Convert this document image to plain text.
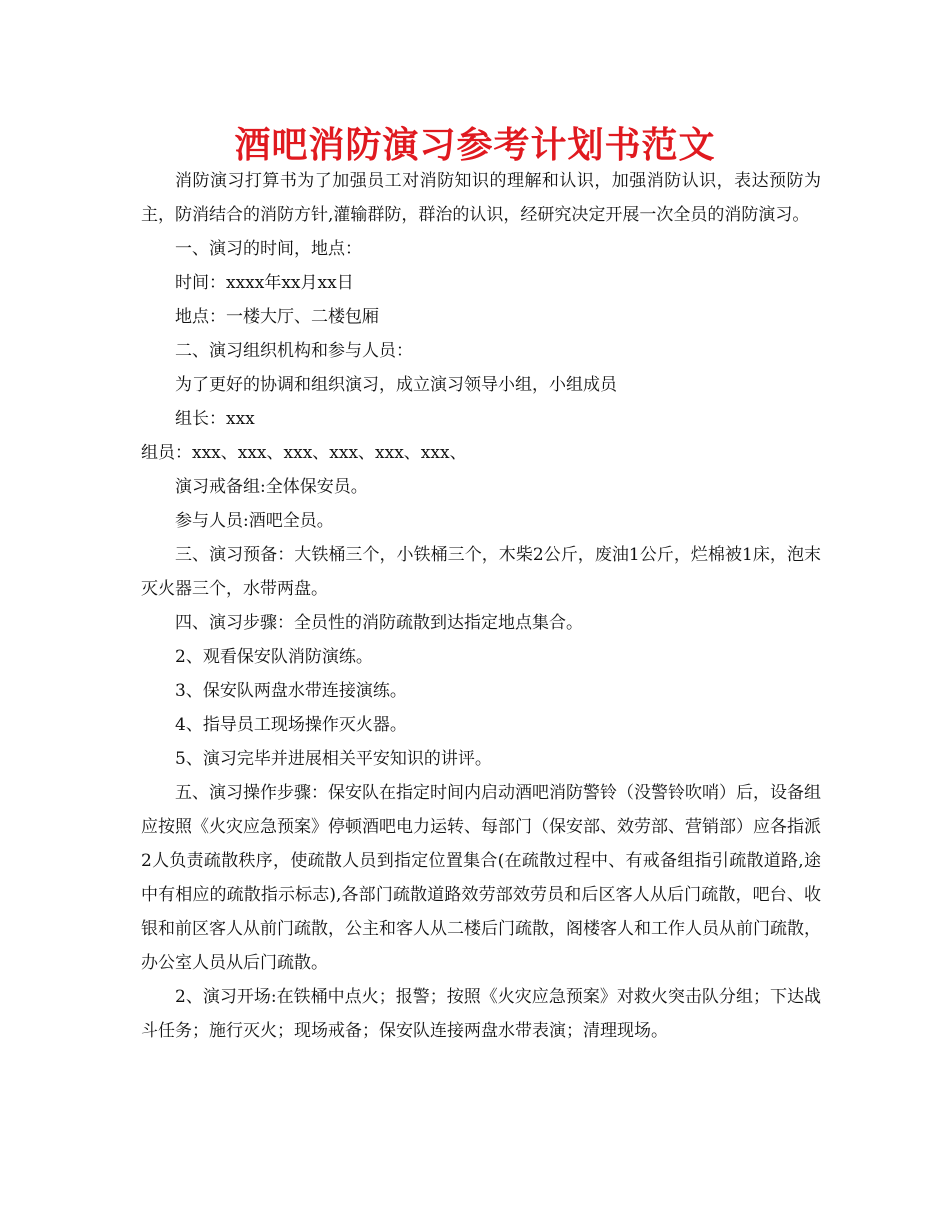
酒吧消防演习参考计划书范文

消防演习打算书为了加强员工对消防知识的理解和认识，加强消防认识，表达预防为主，防消结合的消防方针,灌输群防，群治的认识，经研究决定开展一次全员的消防演习。

一、演习的时间，地点：

时间：xxxx年xx月xx日

地点：一楼大厅、二楼包厢

二、演习组织机构和参与人员：

为了更好的协调和组织演习，成立演习领导小组，小组成员

组长：xxx

组员：xxx、xxx、xxx、xxx、xxx、xxx、

演习戒备组:全体保安员。

参与人员:酒吧全员。

三、演习预备：大铁桶三个，小铁桶三个，木柴2公斤，废油1公斤，烂棉被1床，泡末灭火器三个，水带两盘。

四、演习步骤：全员性的消防疏散到达指定地点集合。

2、观看保安队消防演练。

3、保安队两盘水带连接演练。

4、指导员工现场操作灭火器。

5、演习完毕并进展相关平安知识的讲评。

五、演习操作步骤：保安队在指定时间内启动酒吧消防警铃（没警铃吹哨）后，设备组应按照《火灾应急预案》停顿酒吧电力运转、每部门（保安部、效劳部、营销部）应各指派2人负责疏散秩序，使疏散人员到指定位置集合(在疏散过程中、有戒备组指引疏散道路,途中有相应的疏散指示标志),各部门疏散道路效劳部效劳员和后区客人从后门疏散，吧台、收银和前区客人从前门疏散，公主和客人从二楼后门疏散，阁楼客人和工作人员从前门疏散，办公室人员从后门疏散。

2、演习开场:在铁桶中点火；报警；按照《火灾应急预案》对救火突击队分组；下达战斗任务；施行灭火；现场戒备；保安队连接两盘水带表演；清理现场。
